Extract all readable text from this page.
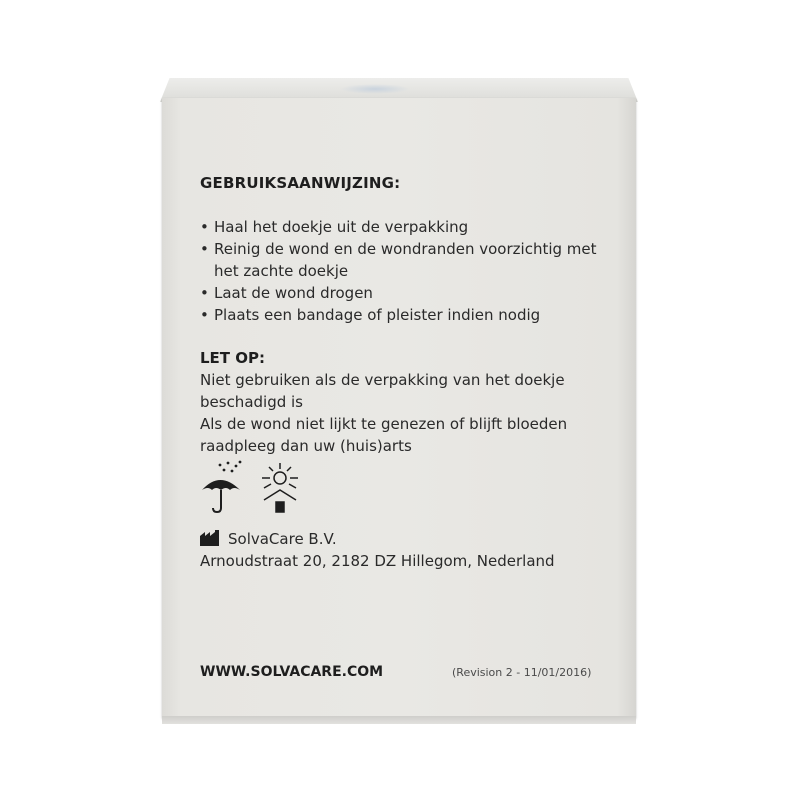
GEBRUIKSAANWIJZING:
• Haal het doekje uit de verpakking
• Reinig de wond en de wondranden voorzichtig met het zachte doekje
• Laat de wond drogen
• Plaats een bandage of pleister indien nodig
LET OP:
Niet gebruiken als de verpakking van het doekje beschadigd is
Als de wond niet lijkt te genezen of blijft bloeden raadpleeg dan uw (huis)arts
SolvaCare B.V.
Arnoudstraat 20, 2182 DZ Hillegom, Nederland
WWW.SOLVACARE.COM	(Revision 2 - 11/01/2016)
